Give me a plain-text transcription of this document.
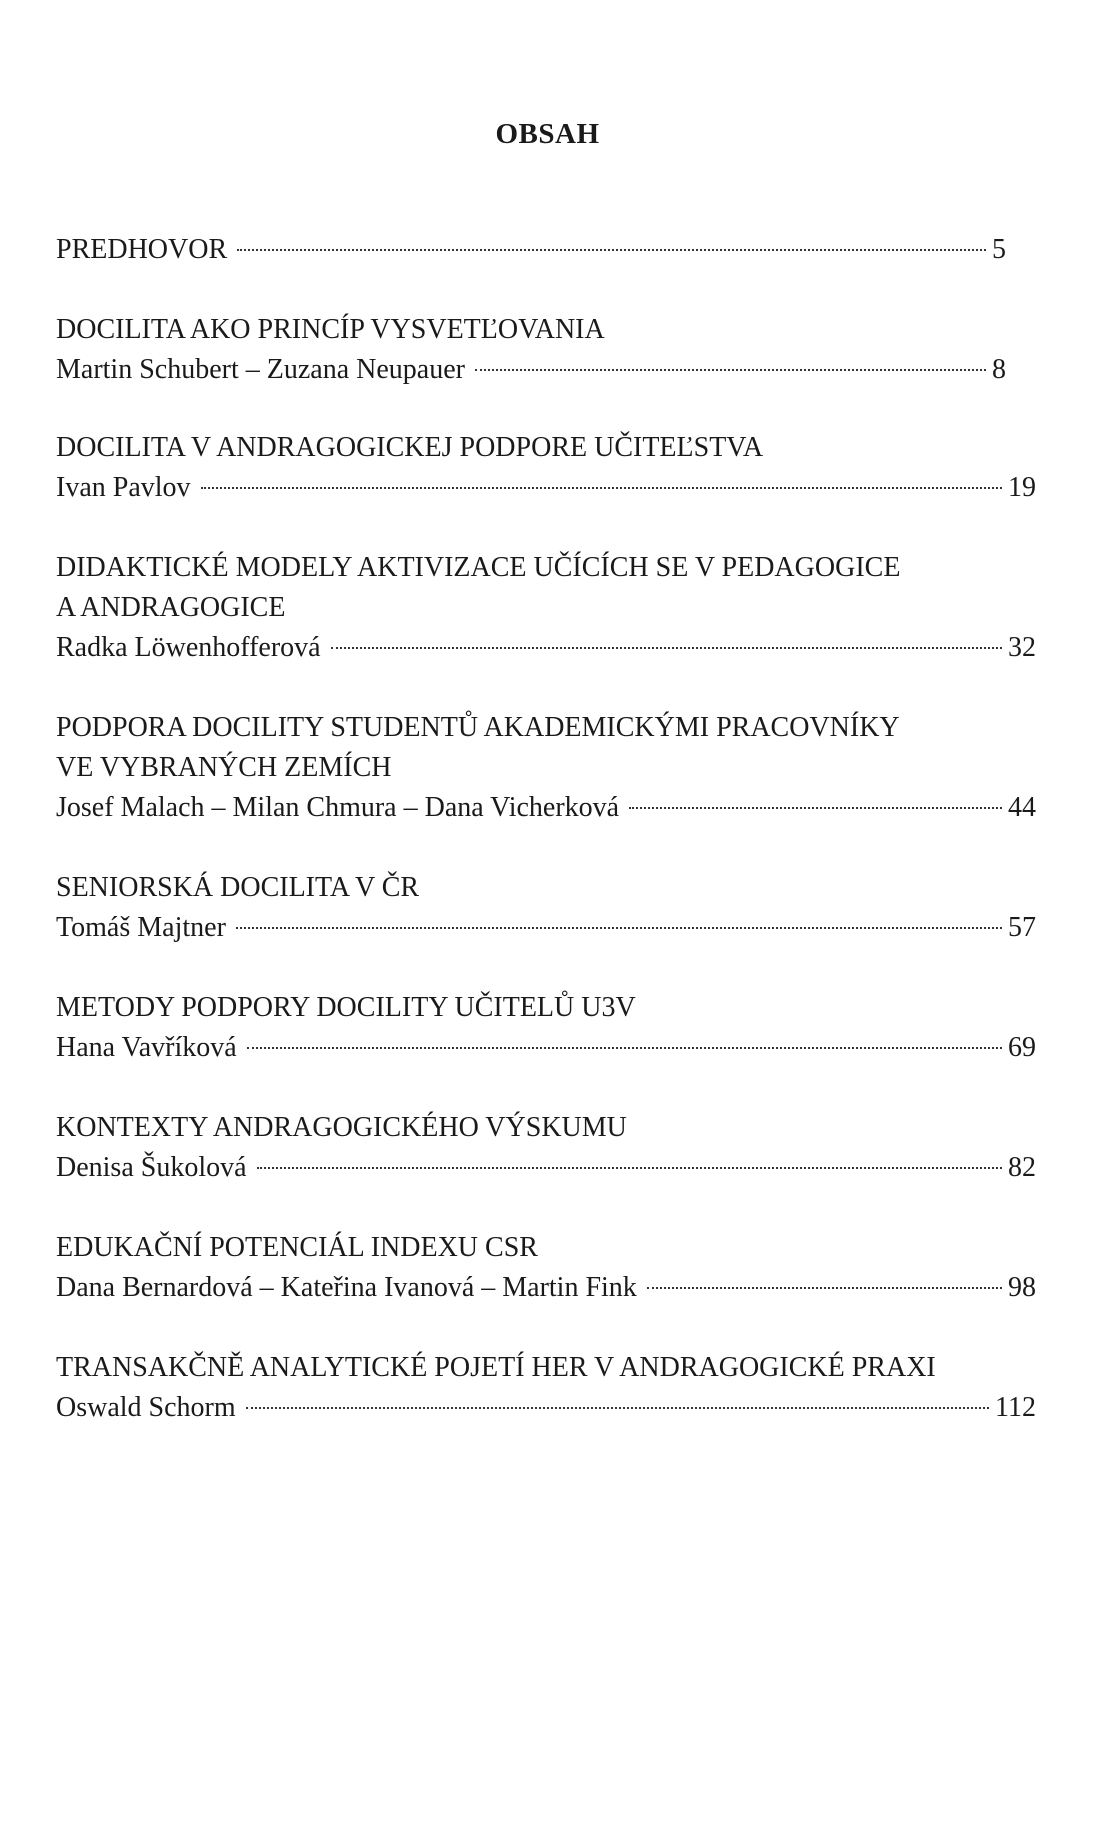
OBSAH
PREDHOVOR	5
DOCILITA AKO PRINCÍP VYSVETĽOVANIA
Martin Schubert – Zuzana Neupauer	8
DOCILITA V ANDRAGOGICKEJ PODPORE UČITEĽSTVA
Ivan Pavlov	19
DIDAKTICKÉ MODELY AKTIVIZACE UČÍCÍCH SE V PEDAGOGICE
A ANDRAGOGICE
Radka Löwenhofferová	32
PODPORA DOCILITY STUDENTŮ AKADEMICKÝMI PRACOVNÍKY
VE VYBRANÝCH ZEMÍCH
Josef Malach – Milan Chmura – Dana Vicherková	44
SENIORSKÁ DOCILITA V ČR
Tomáš Majtner	57
METODY PODPORY DOCILITY UČITELŮ U3V
Hana Vavříková	69
KONTEXTY ANDRAGOGICKÉHO VÝSKUMU
Denisa Šukolová	82
EDUKAČNÍ POTENCIÁL INDEXU CSR
Dana Bernardová – Kateřina Ivanová – Martin Fink	98
TRANSAKČNĚ ANALYTICKÉ POJETÍ HER V ANDRAGOGICKÉ PRAXI
Oswald Schorm	112
